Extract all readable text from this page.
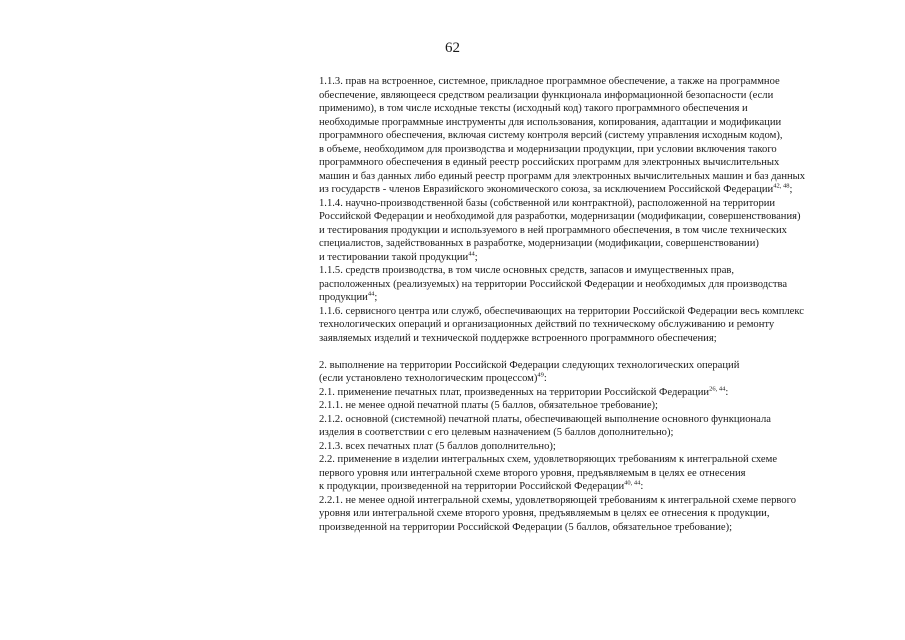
62

1.1.3. прав на встроенное, системное, прикладное программное обеспечение, а также на программное
обеспечение, являющееся средством реализации функционала информационной безопасности (если
применимо), в том числе исходные тексты (исходный код) такого программного обеспечения и
необходимые программные инструменты для использования, копирования, адаптации и модификации
программного обеспечения, включая систему контроля версий (систему управления исходным кодом),
в объеме, необходимом для производства и модернизации продукции, при условии включения такого
программного обеспечения в единый реестр российских программ для электронных вычислительных
машин и баз данных либо единый реестр программ для электронных вычислительных машин и баз данных
из государств - членов Евразийского экономического союза, за исключением Российской Федерации$^{42, 48}$;

1.1.4. научно-производственной базы (собственной или контрактной), расположенной на территории
Российской Федерации и необходимой для разработки, модернизации (модификации, совершенствования)
и тестирования продукции и используемого в ней программного обеспечения, в том числе технических
специалистов, задействованных в разработке, модернизации (модификации, совершенствовании)
и тестировании такой продукции$^{44}$;

1.1.5. средств производства, в том числе основных средств, запасов и имущественных прав,
расположенных (реализуемых) на территории Российской Федерации и необходимых для производства
продукции$^{44}$;

1.1.6. сервисного центра или служб, обеспечивающих на территории Российской Федерации весь комплекс
технологических операций и организационных действий по техническому обслуживанию и ремонту
заявляемых изделий и технической поддержке встроенного программного обеспечения;

2. выполнение на территории Российской Федерации следующих технологических операций
(если установлено технологическим процессом)$^{49}$:

2.1. применение печатных плат, произведенных на территории Российской Федерации$^{26, 44}$:

2.1.1. не менее одной печатной платы (5 баллов, обязательное требование);

2.1.2. основной (системной) печатной платы, обеспечивающей выполнение основного функционала
изделия в соответствии с его целевым назначением (5 баллов дополнительно);

2.1.3. всех печатных плат (5 баллов дополнительно);

2.2. применение в изделии интегральных схем, удовлетворяющих требованиям к интегральной схеме
первого уровня или интегральной схеме второго уровня, предъявляемым в целях ее отнесения
к продукции, произведенной на территории Российской Федерации$^{40, 44}$:

2.2.1. не менее одной интегральной схемы, удовлетворяющей требованиям к интегральной схеме первого
уровня или интегральной схеме второго уровня, предъявляемым в целях ее отнесения к продукции,
произведенной на территории Российской Федерации (5 баллов, обязательное требование);
